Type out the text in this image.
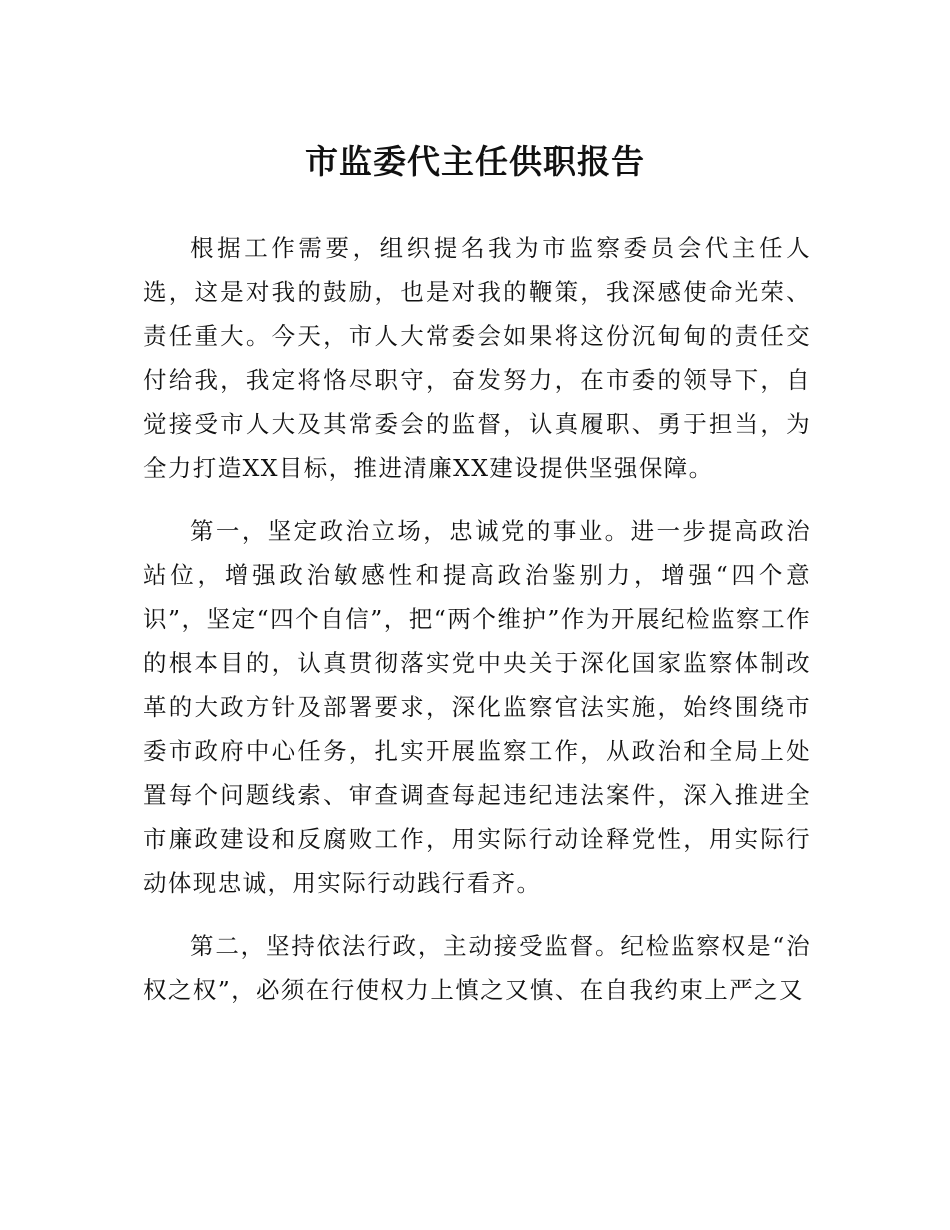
市监委代主任供职报告

根据工作需要，组织提名我为市监察委员会代主任人选，这是对我的鼓励，也是对我的鞭策，我深感使命光荣、责任重大。今天，市人大常委会如果将这份沉甸甸的责任交付给我，我定将恪尽职守，奋发努力，在市委的领导下，自觉接受市人大及其常委会的监督，认真履职、勇于担当，为全力打造XX目标，推进清廉XX建设提供坚强保障。

第一，坚定政治立场，忠诚党的事业。进一步提高政治站位，增强政治敏感性和提高政治鉴别力，增强“四个意识”，坚定“四个自信”，把“两个维护”作为开展纪检监察工作的根本目的，认真贯彻落实党中央关于深化国家监察体制改革的大政方针及部署要求，深化监察官法实施，始终围绕市委市政府中心任务，扎实开展监察工作，从政治和全局上处置每个问题线索、审查调查每起违纪违法案件，深入推进全市廉政建设和反腐败工作，用实际行动诠释党性，用实际行动体现忠诚，用实际行动践行看齐。

第二，坚持依法行政，主动接受监督。纪检监察权是“治权之权”，必须在行使权力上慎之又慎、在自我约束上严之又
